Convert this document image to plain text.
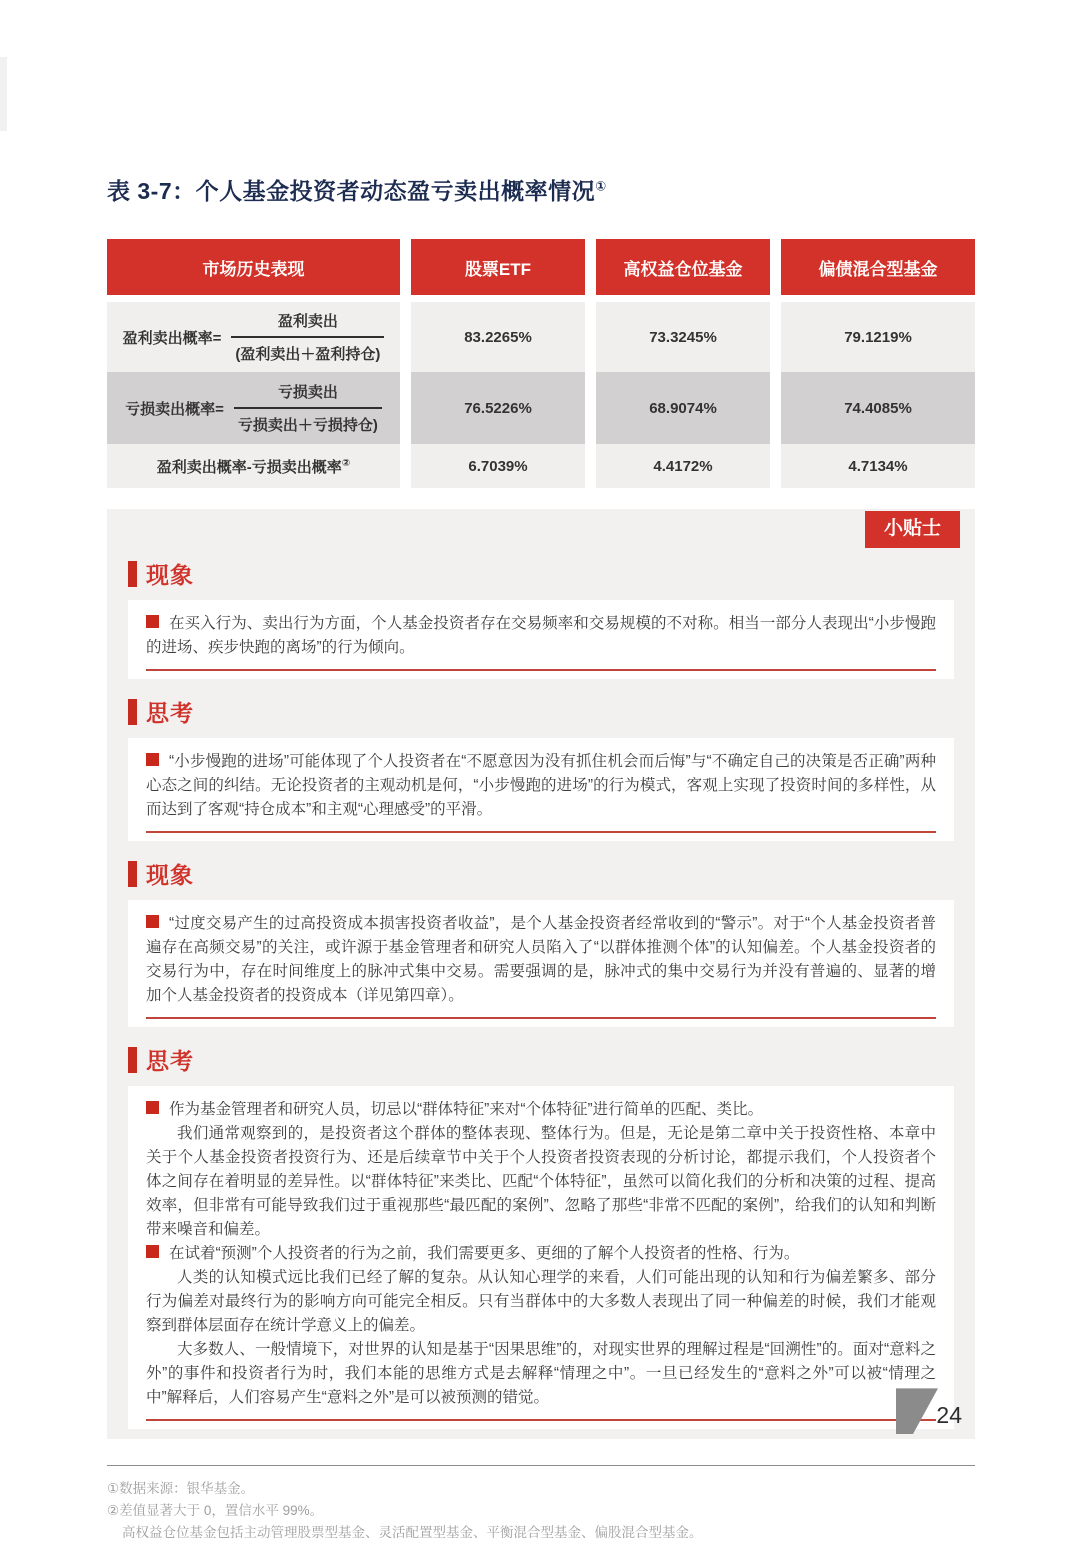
表 3-7：个人基金投资者动态盈亏卖出概率情况①
市场历史表现	股票ETF	高权益仓位基金	偏债混合型基金
盈利卖出概率= $\frac{\text{盈利卖出}}{\text{(盈利卖出＋盈利持仓)}}$	83.2265%	73.3245%	79.1219%
亏损卖出概率= $\frac{\text{亏损卖出}}{\text{亏损卖出＋亏损持仓)}}$	76.5226%	68.9074%	74.4085%
盈利卖出概率-亏损卖出概率②	6.7039%	4.4172%	4.7134%
小贴士
现象

在买入行为、卖出行为方面，个人基金投资者存在交易频率和交易规模的不对称。相当一部分人表现出“小步慢跑的进场、疾步快跑的离场”的行为倾向。

思考

“小步慢跑的进场”可能体现了个人投资者在“不愿意因为没有抓住机会而后悔”与“不确定自己的决策是否正确”两种心态之间的纠结。无论投资者的主观动机是何，“小步慢跑的进场”的行为模式，客观上实现了投资时间的多样性，从而达到了客观“持仓成本”和主观“心理感受”的平滑。

现象

“过度交易产生的过高投资成本损害投资者收益”，是个人基金投资者经常收到的“警示”。对于“个人基金投资者普遍存在高频交易”的关注，或许源于基金管理者和研究人员陷入了“以群体推测个体”的认知偏差。个人基金投资者的交易行为中，存在时间维度上的脉冲式集中交易。需要强调的是，脉冲式的集中交易行为并没有普遍的、显著的增加个人基金投资者的投资成本（详见第四章）。

思考

作为基金管理者和研究人员，切忌以“群体特征”来对“个体特征”进行简单的匹配、类比。

我们通常观察到的，是投资者这个群体的整体表现、整体行为。但是，无论是第二章中关于投资性格、本章中关于个人基金投资者投资行为、还是后续章节中关于个人投资者投资表现的分析讨论，都提示我们，个人投资者个体之间存在着明显的差异性。以“群体特征”来类比、匹配“个体特征”，虽然可以简化我们的分析和决策的过程、提高效率，但非常有可能导致我们过于重视那些“最匹配的案例”、忽略了那些“非常不匹配的案例”，给我们的认知和判断带来噪音和偏差。

在试着“预测”个人投资者的行为之前，我们需要更多、更细的了解个人投资者的性格、行为。

人类的认知模式远比我们已经了解的复杂。从认知心理学的来看，人们可能出现的认知和行为偏差繁多、部分行为偏差对最终行为的影响方向可能完全相反。只有当群体中的大多数人表现出了同一种偏差的时候，我们才能观察到群体层面存在统计学意义上的偏差。

大多数人、一般情境下，对世界的认知是基于“因果思维”的，对现实世界的理解过程是“回溯性”的。面对“意料之外”的事件和投资者行为时，我们本能的思维方式是去解释“情理之中”。一旦已经发生的“意料之外”可以被“情理之中”解释后，人们容易产生“意料之外”是可以被预测的错觉。

①数据来源：银华基金。
②差值显著大于 0，置信水平 99%。
高权益仓位基金包括主动管理股票型基金、灵活配置型基金、平衡混合型基金、偏股混合型基金。
24
